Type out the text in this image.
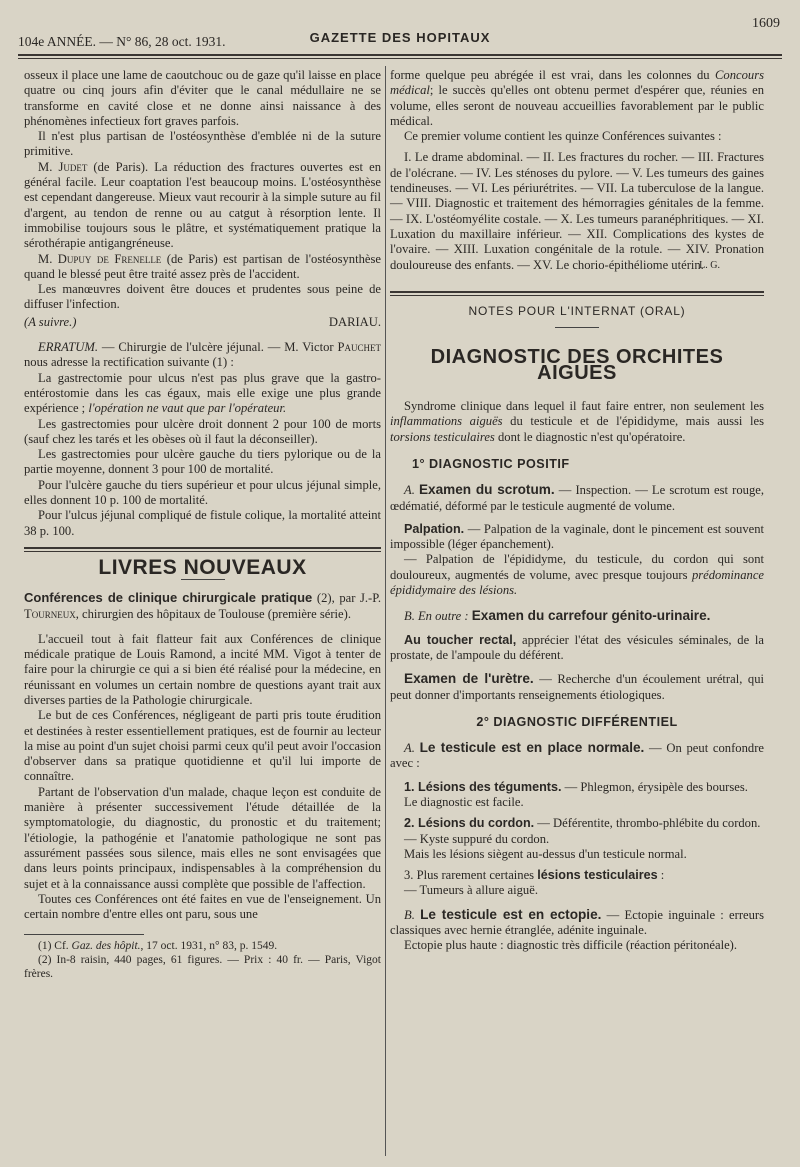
104e ANNÉE. — N° 86, 28 oct. 1931.	GAZETTE DES HOPITAUX
1609

osseux il place une lame de caoutchouc ou de gaze qu'il laisse en place quatre ou cinq jours afin d'éviter que le canal médullaire ne se transforme en cavité close et ne donne ainsi naissance à des phénomènes infectieux fort graves parfois.

Il n'est plus partisan de l'ostéosynthèse d'emblée ni de la suture primitive.

M. Judet (de Paris). La réduction des fractures ouvertes est en général facile. Leur coaptation l'est beaucoup moins. L'ostéosynthèse est cependant dangereuse. Mieux vaut recourir à la simple suture au fil d'argent, au tendon de renne ou au catgut à résorption lente. Il immobilise toujours sous le plâtre, et systématiquement pratique la sérothérapie antigangréneuse.

M. Dupuy de Frenelle (de Paris) est partisan de l'ostéosynthèse quand le blessé peut être traité assez près de l'accident.

Les manœuvres doivent être douces et prudentes sous peine de diffuser l'infection.

(A suivre.)	DARIAU.

ERRATUM. — Chirurgie de l'ulcère jéjunal. — M. Victor Pauchet nous adresse la rectification suivante (1) :

La gastrectomie pour ulcus n'est pas plus grave que la gastro-entérostomie dans les cas égaux, mais elle exige une plus grande expérience ; l'opération ne vaut que par l'opérateur.

Les gastrectomies pour ulcère droit donnent 2 pour 100 de morts (sauf chez les tarés et les obèses où il faut la déconseiller).

Les gastrectomies pour ulcère gauche du tiers pylorique ou de la partie moyenne, donnent 3 pour 100 de mortalité.

Pour l'ulcère gauche du tiers supérieur et pour ulcus jéjunal simple, elles donnent 10 p. 100 de mortalité.

Pour l'ulcus jéjunal compliqué de fistule colique, la mortalité atteint 38 p. 100.

LIVRES NOUVEAUX

Conférences de clinique chirurgicale pratique (2), par J.-P. Tourneux, chirurgien des hôpitaux de Toulouse (première série).

L'accueil tout à fait flatteur fait aux Conférences de clinique médicale pratique de Louis Ramond, a incité MM. Vigot à tenter de faire pour la chirurgie ce qui a si bien été réalisé pour la médecine, en réunissant en volumes un certain nombre de questions ayant trait aux diverses parties de la Pathologie chirurgicale.

Le but de ces Conférences, négligeant de parti pris toute érudition et destinées à rester essentiellement pratiques, est de fournir au lecteur la mise au point d'un sujet choisi parmi ceux qu'il peut avoir l'occasion d'observer dans sa pratique quotidienne et qu'il lui importe de connaître.

Partant de l'observation d'un malade, chaque leçon est conduite de manière à présenter successivement l'étude détaillée de la symptomatologie, du diagnostic, du pronostic et du traitement; l'étiologie, la pathogénie et l'anatomie pathologique ne sont pas assurément passées sous silence, mais elles ne sont envisagées que dans leurs points principaux, indispensables à la compréhension du sujet et à la connaissance aussi complète que possible de l'affection.

Toutes ces Conférences ont été faites en vue de l'enseignement. Un certain nombre d'entre elles ont paru, sous une

(1) Cf. Gaz. des hôpit., 17 oct. 1931, n° 83, p. 1549.

(2) In-8 raisin, 440 pages, 61 figures. — Prix : 40 fr. — Paris, Vigot frères.

forme quelque peu abrégée il est vrai, dans les colonnes du Concours médical; le succès qu'elles ont obtenu permet d'espérer que, réunies en volume, elles seront de nouveau accueillies favorablement par le public médical.

Ce premier volume contient les quinze Conférences suivantes :

I. Le drame abdominal. — II. Les fractures du rocher. — III. Fractures de l'olécrane. — IV. Les sténoses du pylore. — V. Les tumeurs des gaines tendineuses. — VI. Les périurétrites. — VII. La tuberculose de la langue. — VIII. Diagnostic et traitement des hémorragies génitales de la femme. — IX. L'ostéomyélite costale. — X. Les tumeurs paranéphritiques. — XI. Luxation du maxillaire inférieur. — XII. Complications des kystes de l'ovaire. — XIII. Luxation congénitale de la rotule. — XIV. Pronation douloureuse des enfants. — XV. Le chorio-épithéliome utérin.

L. G.

NOTES POUR L'INTERNAT (ORAL)
DIAGNOSTIC DES ORCHITES AIGUES

Syndrome clinique dans lequel il faut faire entrer, non seulement les inflammations aiguës du testicule et de l'épididyme, mais aussi les torsions testiculaires dont le diagnostic n'est qu'opératoire.

1° DIAGNOSTIC POSITIF

A. Examen du scrotum. — Inspection. — Le scrotum est rouge, œdématié, déformé par le testicule augmenté de volume.

Palpation. — Palpation de la vaginale, dont le pincement est souvent impossible (léger épanchement).

— Palpation de l'épididyme, du testicule, du cordon qui sont douloureux, augmentés de volume, avec presque toujours prédominance épididymaire des lésions.

B. En outre : Examen du carrefour génito-urinaire.

Au toucher rectal, apprécier l'état des vésicules séminales, de la prostate, de l'ampoule du déférent.

Examen de l'urètre. — Recherche d'un écoulement urétral, qui peut donner d'importants renseignements étiologiques.

2° DIAGNOSTIC DIFFÉRENTIEL

A. Le testicule est en place normale. — On peut confondre avec :

1. Lésions des téguments. — Phlegmon, érysipèle des bourses.

Le diagnostic est facile.

2. Lésions du cordon. — Déférentite, thrombo-phlébite du cordon.

— Kyste suppuré du cordon.

Mais les lésions siègent au-dessus d'un testicule normal.

3. Plus rarement certaines lésions testiculaires :

— Tumeurs à allure aiguë.

B. Le testicule est en ectopie. — Ectopie inguinale : erreurs classiques avec hernie étranglée, adénite inguinale.

Ectopie plus haute : diagnostic très difficile (réaction péritonéale).
